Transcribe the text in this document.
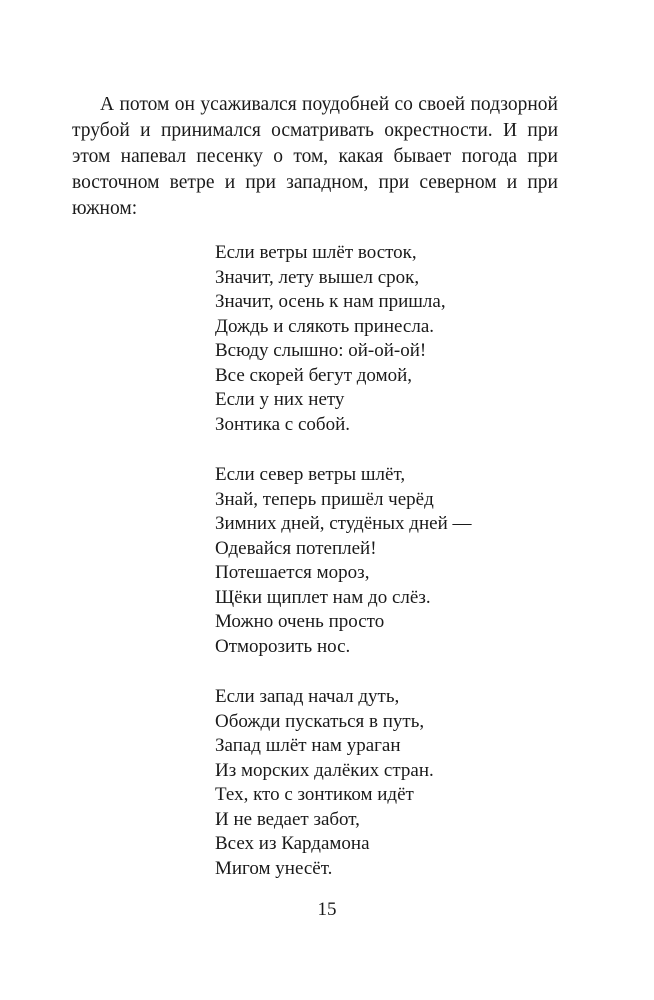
А потом он усаживался поудобней со своей подзорной трубой и принимался осматривать окрестности. И при этом напевал песенку о том, какая бывает погода при восточном ветре и при западном, при северном и при южном:

Если ветры шлёт восток,
Значит, лету вышел срок,
Значит, осень к нам пришла,
Дождь и слякоть принесла.
Всюду слышно: ой-ой-ой!
Все скорей бегут домой,
Если у них нету
Зонтика с собой.
Если север ветры шлёт,
Знай, теперь пришёл черёд
Зимних дней, студёных дней —
Одевайся потеплей!
Потешается мороз,
Щёки щиплет нам до слёз.
Можно очень просто
Отморозить нос.
Если запад начал дуть,
Обожди пускаться в путь,
Запад шлёт нам ураган
Из морских далёких стран.
Тех, кто с зонтиком идёт
И не ведает забот,
Всех из Кардамона
Мигом унесёт.
15
